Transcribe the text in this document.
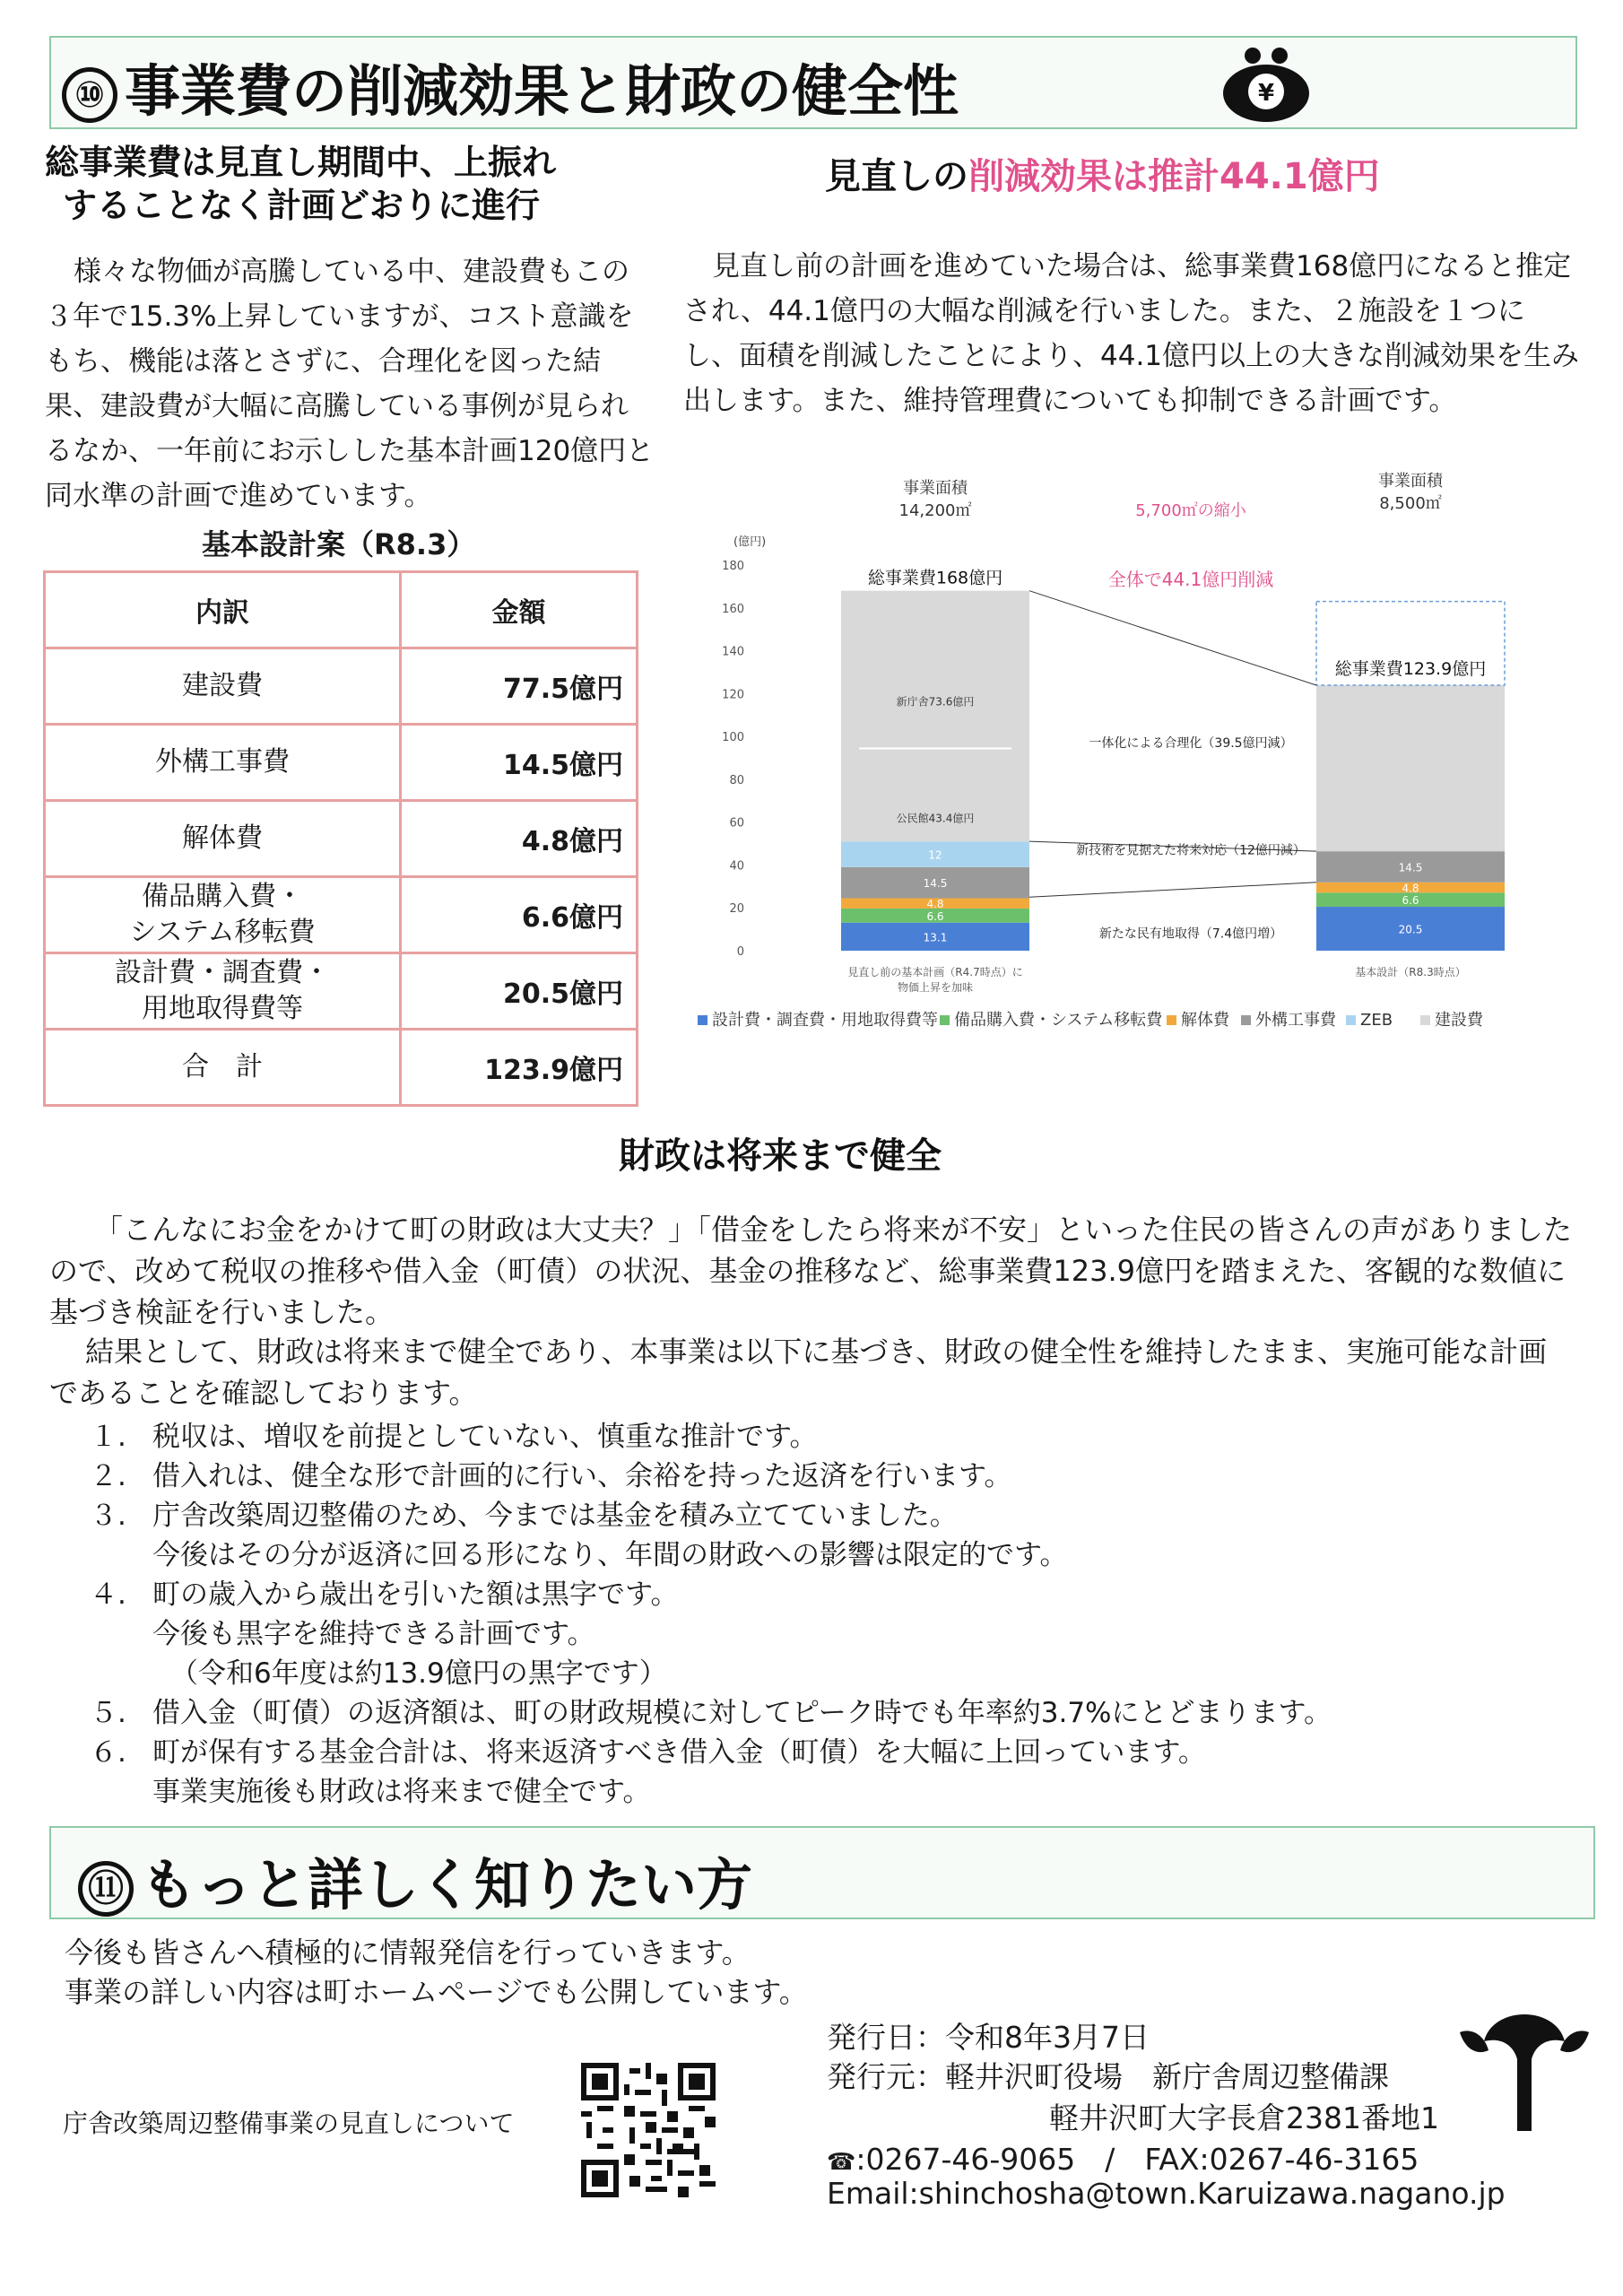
⑩ 事業費の削減効果と財政の健全性	¥
総事業費は見直し期間中、上振れ
することなく計画どおりに進行

様々な物価が高騰している中、建設費もこの３年で15.3%上昇していますが、コスト意識をもち、機能は落とさずに、合理化を図った結果、建設費が大幅に高騰している事例が見られるなか、一年前にお示しした基本計画120億円と同水準の計画で進めています。

基本設計案（R8.3）
内訳	金額
建設費	77.5億円
外構工事費	14.5億円
解体費	4.8億円
備品購入費・
システム移転費	6.6億円
設計費・調査費・
用地取得費等	20.5億円
合　計	123.9億円
見直しの削減効果は推計44.1億円

見直し前の計画を進めていた場合は、総事業費168億円になると推定され、44.1億円の大幅な削減を行いました。また、２施設を１つにし、面積を削減したことにより、44.1億円以上の大きな削減効果を生み出します。また、維持管理費についても抑制できる計画です。

(億円)
0
20
40
60
80
100
120
140
160
180
13.1
20.5
6.6
6.6
4.8
4.8
14.5
14.5
12
公民館43.4億円
新庁舎73.6億円
総事業費168億円
総事業費123.9億円
全体で44.1億円削減
事業面積
14,200㎡
事業面積
8,500㎡
5,700㎡の縮小
一体化による合理化（39.5億円減）
新技術を見据えた将来対応（12億円減）
新たな民有地取得（7.4億円増）
見直し前の基本計画（R4.7時点）に
物価上昇を加味
基本設計（R8.3時点）
設計費・調査費・用地取得費等 備品購入費・システム移転費 解体費 外構工事費 ZEB	建設費
財政は将来まで健全

「こんなにお金をかけて町の財政は大丈夫？」「借金をしたら将来が不安」といった住民の皆さんの声がありましたので、改めて税収の推移や借入金（町債）の状況、基金の推移など、総事業費123.9億円を踏まえた、客観的な数値に基づき検証を行いました。

結果として、財政は将来まで健全であり、本事業は以下に基づき、財政の健全性を維持したまま、実施可能な計画であることを確認しております。

１. 税収は、増収を前提としていない、慎重な推計です。
２. 借入れは、健全な形で計画的に行い、余裕を持った返済を行います。
３. 庁舎改築周辺整備のため、今までは基金を積み立てていました。
今後はその分が返済に回る形になり、年間の財政への影響は限定的です。
４. 町の歳入から歳出を引いた額は黒字です。
今後も黒字を維持できる計画です。
（令和6年度は約13.9億円の黒字です）
５. 借入金（町債）の返済額は、町の財政規模に対してピーク時でも年率約3.7%にとどまります。
６. 町が保有する基金合計は、将来返済すべき借入金（町債）を大幅に上回っています。
事業実施後も財政は将来まで健全です。
⑪ もっと詳しく知りたい方
今後も皆さんへ積極的に情報発信を行っていきます。
事業の詳しい内容は町ホームページでも公開しています。
庁舎改築周辺整備事業の見直しについて
発行日：令和8年3月7日
発行元：軽井沢町役場　新庁舎周辺整備課
軽井沢町大字長倉2381番地1
☎:0267-46-9065　/　FAX:0267-46-3165
Email:shinchosha@town.Karuizawa.nagano.jp
